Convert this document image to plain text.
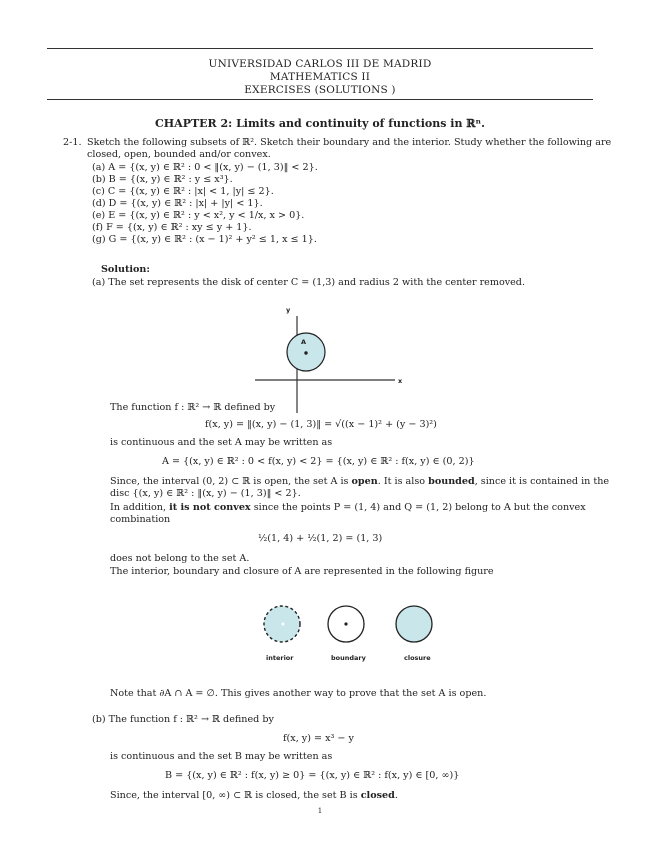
UNIVERSIDAD CARLOS III DE MADRID
MATHEMATICS II
EXERCISES (SOLUTIONS )
CHAPTER 2: Limits and continuity of functions in ℝⁿ.
2-1. Sketch the following subsets of ℝ². Sketch their boundary and the interior. Study whether the following are
closed, open, bounded and/or convex.
(a) A = {(x, y) ∈ ℝ² : 0 < ‖(x, y) − (1, 3)‖ < 2}.
(b) B = {(x, y) ∈ ℝ² : y ≤ x³}.
(c) C = {(x, y) ∈ ℝ² : |x| < 1, |y| ≤ 2}.
(d) D = {(x, y) ∈ ℝ² : |x| + |y| < 1}.
(e) E = {(x, y) ∈ ℝ² : y < x², y < 1/x, x > 0}.
(f) F = {(x, y) ∈ ℝ² : xy ≤ y + 1}.
(g) G = {(x, y) ∈ ℝ² : (x − 1)² + y² ≤ 1, x ≤ 1}.
Solution:
(a) The set represents the disk of center C = (1,3) and radius 2 with the center removed.
y
x
A
The function f : ℝ² → ℝ defined by
f(x, y) = ‖(x, y) − (1, 3)‖ = √((x − 1)² + (y − 3)²)
is continuous and the set A may be written as
A = {(x, y) ∈ ℝ² : 0 < f(x, y) < 2} = {(x, y) ∈ ℝ² : f(x, y) ∈ (0, 2)}
Since, the interval (0, 2) ⊂ ℝ is open, the set A is open. It is also bounded, since it is contained in the
disc {(x, y) ∈ ℝ² : ‖(x, y) − (1, 3)‖ < 2}.
In addition, it is not convex since the points P = (1, 4) and Q = (1, 2) belong to A but the convex
combination
½(1, 4) + ½(1, 2) = (1, 3)
does not belong to the set A.
The interior, boundary and closure of A are represented in the following figure
interior	boundary	closure
Note that ∂A ∩ A = ∅. This gives another way to prove that the set A is open.
(b) The function f : ℝ² → ℝ defined by
f(x, y) = x³ − y
is continuous and the set B may be written as
B = {(x, y) ∈ ℝ² : f(x, y) ≥ 0} = {(x, y) ∈ ℝ² : f(x, y) ∈ [0, ∞)}
Since, the interval [0, ∞) ⊂ ℝ is closed, the set B is closed.
1
